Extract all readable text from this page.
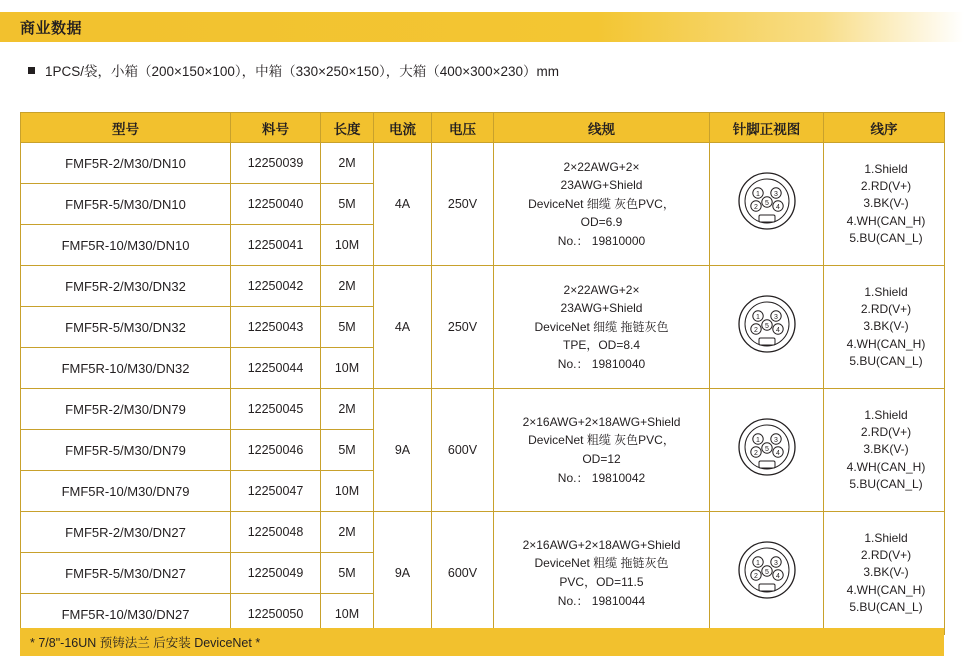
商业数据
1PCS/袋，小箱（200×150×100），中箱（330×250×150），大箱（400×300×230）mm
型号	料号	长度	电流	电压	线规	针脚正视图	线序
FMF5R-2/M30/DN10	12250039	2M	4A	250V	
2×22AWG+2×
23AWG+Shield
DeviceNet 细缆 灰色PVC，
OD=6.9
No.： 19810000

1 3
2
5
4

1.Shield
2.RD(V+)
3.BK(V-)
4.WH(CAN_H)
5.BU(CAN_L)

FMF5R-5/M30/DN10	12250040	5M					
FMF5R-10/M30/DN10	12250041	10M					
FMF5R-2/M30/DN32	12250042	2M	4A	250V	
2×22AWG+2×
23AWG+Shield
DeviceNet 细缆 拖链灰色
TPE，OD=8.4
No.： 19810040

1 3
2
5
4

1.Shield
2.RD(V+)
3.BK(V-)
4.WH(CAN_H)
5.BU(CAN_L)

FMF5R-5/M30/DN32	12250043	5M					
FMF5R-10/M30/DN32	12250044	10M					
FMF5R-2/M30/DN79	12250045	2M	9A	600V	
2×16AWG+2×18AWG+Shield
DeviceNet 粗缆 灰色PVC，
OD=12
No.： 19810042

1 3
2
5
4

1.Shield
2.RD(V+)
3.BK(V-)
4.WH(CAN_H)
5.BU(CAN_L)

FMF5R-5/M30/DN79	12250046	5M					
FMF5R-10/M30/DN79	12250047	10M					
FMF5R-2/M30/DN27	12250048	2M	9A	600V	
2×16AWG+2×18AWG+Shield
DeviceNet 粗缆 拖链灰色
PVC，OD=11.5
No.： 19810044

1 3
2
5
4

1.Shield
2.RD(V+)
3.BK(V-)
4.WH(CAN_H)
5.BU(CAN_L)

FMF5R-5/M30/DN27	12250049	5M					
FMF5R-10/M30/DN27	12250050	10M					
* 7/8"-16UN 预铸法兰 后安装 DeviceNet *
